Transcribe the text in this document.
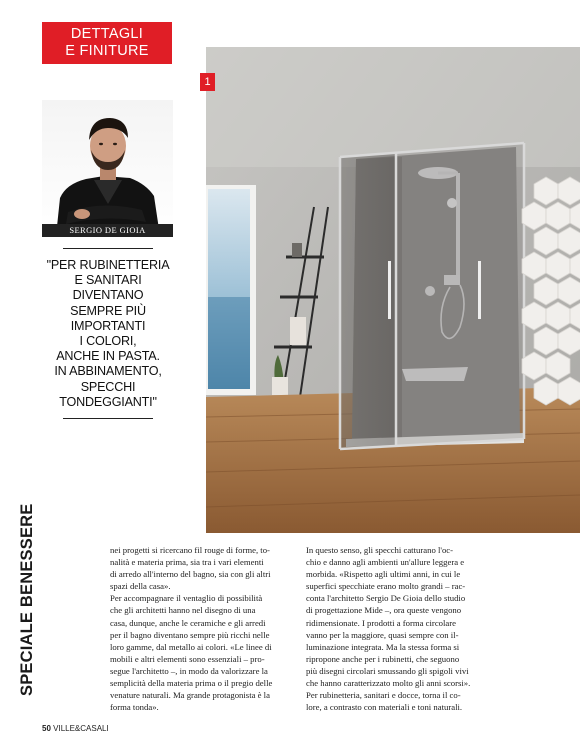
DETTAGLI
E FINITURE
SPECIALE BENESSERE
SERGIO DE GIOIA
"PER RUBINETTERIA
E SANITARI DIVENTANO
SEMPRE PIÙ IMPORTANTI
I COLORI,
ANCHE IN PASTA.
IN ABBINAMENTO,
SPECCHI
TONDEGGIANTI"
1

nei progetti si ricercano fil rouge di forme, to-

nalità e materia prima, sia tra i vari elementi

di arredo all'interno del bagno, sia con gli altri

spazi della casa».

Per accompagnare il ventaglio di possibilità

che gli architetti hanno nel disegno di una

casa, dunque, anche le ceramiche e gli arredi

per il bagno diventano sempre più ricchi nelle

loro gamme, dal metallo ai colori. «Le linee di

mobili e altri elementi sono essenziali – pro-

segue l'architetto –, in modo da valorizzare la

semplicità della materia prima o il pregio delle

venature naturali. Ma grande protagonista è la

forma tonda».

In questo senso, gli specchi catturano l'oc-

chio e danno agli ambienti un'allure leggera e

morbida. «Rispetto agli ultimi anni, in cui le

superfici specchiate erano molto grandi – rac-

conta l'architetto Sergio De Gioia dello studio

di progettazione Mide –, ora queste vengono

ridimensionate. I prodotti a forma circolare

vanno per la maggiore, quasi sempre con il-

luminazione integrata. Ma la stessa forma si

ripropone anche per i rubinetti, che seguono

più disegni circolari smussando gli spigoli vivi

che hanno caratterizzato molto gli anni scorsi».

Per rubinetteria, sanitari e docce, torna il co-

lore, a contrasto con materiali e toni naturali.

50 VILLE&CASALI
